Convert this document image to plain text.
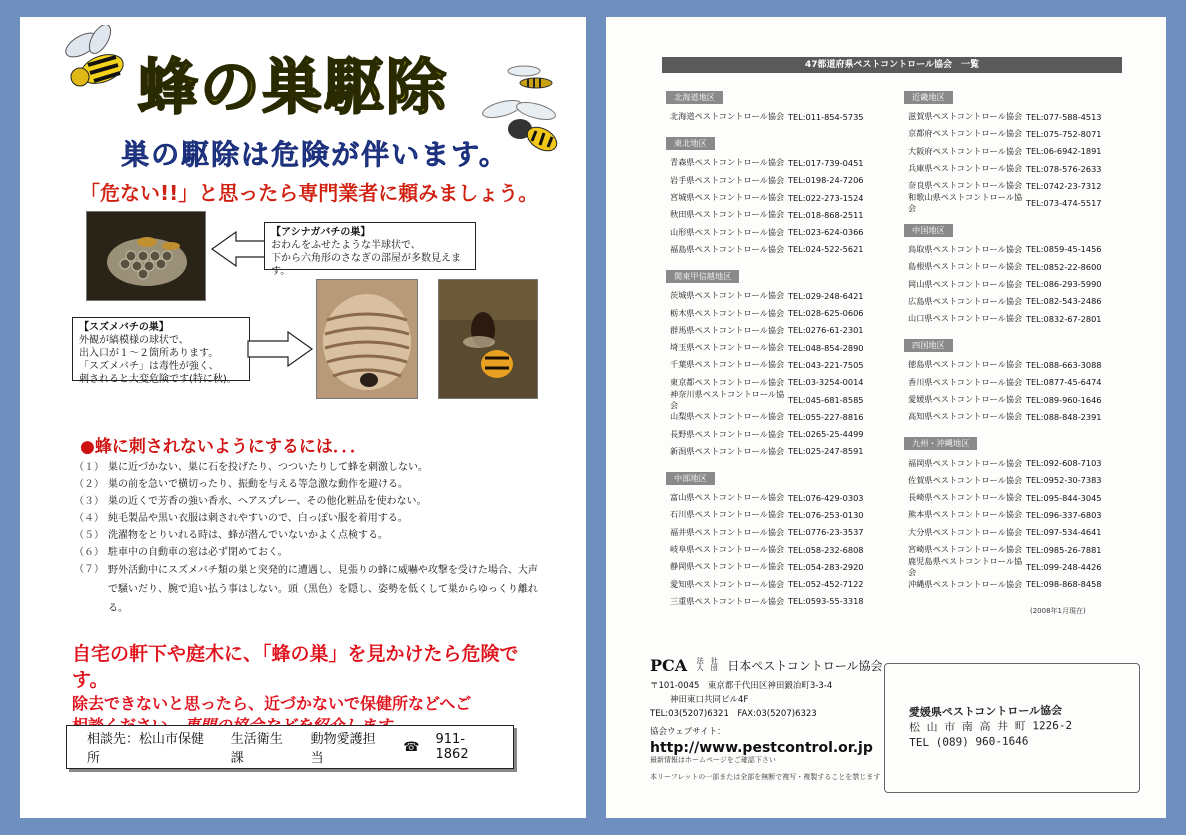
蜂の巣駆除
巣の駆除は危険が伴います。
「危ない!!」と思ったら専門業者に頼みましょう。
【アシナガバチの巣】
おわんをふせたような半球状で、
下から六角形のさなぎの部屋が多数見えます。
【スズメバチの巣】
外観が縞模様の球状で、
出入口が１～２箇所あります。
「スズメバチ」は毒性が強く、
刺されると大変危険です(特に秋)。
●蜂に刺されないようにするには．．．
（１） 巣に近づかない、巣に石を投げたり、つついたりして蜂を刺激しない。
（２） 巣の前を急いで横切ったり、振動を与える等急激な動作を避ける。
（３） 巣の近くで芳香の強い香水、ヘアスプレー、その他化粧品を使わない。
（４） 純毛製品や黒い衣服は刺されやすいので、白っぽい服を着用する。
（５） 洗濯物をとりいれる時は、蜂が潜んでいないかよく点検する。
（６） 駐車中の自動車の窓は必ず閉めておく。
（７） 野外活動中にスズメバチ類の巣と突発的に遭遇し、見張りの蜂に威嚇や攻撃を受けた場合、大声で騒いだり、腕で追い払う事はしない。頭（黒色）を隠し、姿勢を低くして巣からゆっくり離れる。
自宅の軒下や庭木に、「蜂の巣」を見かけたら危険です。
除去できないと思ったら、近づかないで保健所などへご
相談先：松山市保健所
生活衛生課
動物愛護担当
☎ 911-1862
47都道府県ペストコントロール協会　一覧
北海道地区
北海道ペストコントロール協会 TEL:011-854-5735
東北地区
青森県ペストコントロール協会 TEL:017-739-0451
岩手県ペストコントロール協会 TEL:0198-24-7206
宮城県ペストコントロール協会 TEL:022-273-1524
秋田県ペストコントロール協会 TEL:018-868-2511
山形県ペストコントロール協会 TEL:023-624-0366
福島県ペストコントロール協会 TEL:024-522-5621
関東甲信越地区
茨城県ペストコントロール協会 TEL:029-248-6421
栃木県ペストコントロール協会 TEL:028-625-0606
群馬県ペストコントロール協会 TEL:0276-61-2301
埼玉県ペストコントロール協会 TEL:048-854-2890
千葉県ペストコントロール協会 TEL:043-221-7505
東京都ペストコントロール協会 TEL:03-3254-0014
神奈川県ペストコントロール協会
TEL:045-681-8585
山梨県ペストコントロール協会 TEL:055-227-8816
長野県ペストコントロール協会 TEL:0265-25-4499
新潟県ペストコントロール協会 TEL:025-247-8591
中部地区
富山県ペストコントロール協会 TEL:076-429-0303
石川県ペストコントロール協会 TEL:076-253-0130
福井県ペストコントロール協会 TEL:0776-23-3537
岐阜県ペストコントロール協会 TEL:058-232-6808
静岡県ペストコントロール協会 TEL:054-283-2920
愛知県ペストコントロール協会 TEL:052-452-7122
三重県ペストコントロール協会 TEL:0593-55-3318
近畿地区
滋賀県ペストコントロール協会 TEL:077-588-4513
京都府ペストコントロール協会 TEL:075-752-8071
大阪府ペストコントロール協会 TEL:06-6942-1891
兵庫県ペストコントロール協会 TEL:078-576-2633
奈良県ペストコントロール協会 TEL:0742-23-7312
和歌山県ペストコントロール協会
TEL:073-474-5517
中国地区
鳥取県ペストコントロール協会 TEL:0859-45-1456
島根県ペストコントロール協会 TEL:0852-22-8600
岡山県ペストコントロール協会 TEL:086-293-5990
広島県ペストコントロール協会 TEL:082-543-2486
山口県ペストコントロール協会 TEL:0832-67-2801
四国地区
徳島県ペストコントロール協会 TEL:088-663-3088
香川県ペストコントロール協会 TEL:0877-45-6474
愛媛県ペストコントロール協会 TEL:089-960-1646
高知県ペストコントロール協会 TEL:088-848-2391
九州・沖縄地区
福岡県ペストコントロール協会 TEL:092-608-7103
佐賀県ペストコントロール協会 TEL:0952-30-7383
長崎県ペストコントロール協会 TEL:095-844-3045
熊本県ペストコントロール協会 TEL:096-337-6803
大分県ペストコントロール協会 TEL:097-534-4641
宮崎県ペストコントロール協会 TEL:0985-26-7881
鹿児島県ペストコントロール協会
TEL:099-248-4426
沖縄県ペストコントロール協会 TEL:098-868-8458
(2008年1月現在)
PCA	社団法人	日本ペストコントロール協会
〒101-0045　東京都千代田区神田鍛冶町3-3-4
神田東口共同ビル4F
TEL:03(5207)6321　FAX:03(5207)6323
協会ウェブサイト：
http://www.pestcontrol.or.jp
最新情報はホームページをご確認下さい
本リーフレットの一部または全部を無断で複写・複製することを禁じます
愛媛県ペストコントロール協会
松 山 市 南 高 井 町 1226-2
TEL (089) 960-1646
